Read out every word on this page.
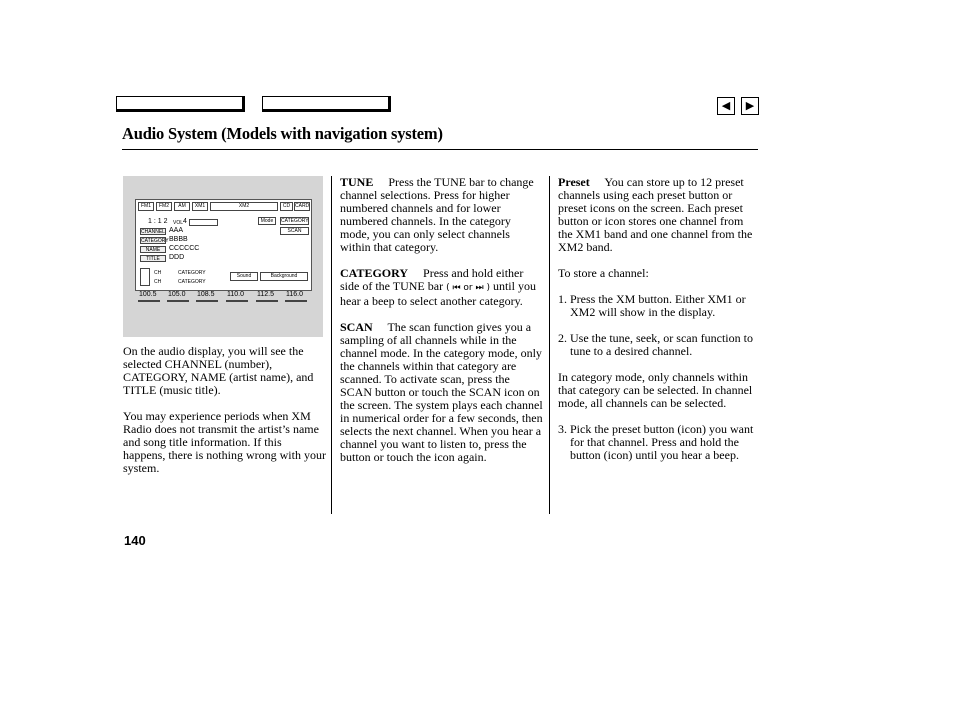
◀	▶
Audio System (Models with navigation system)
FM1	FM2	AM	XM1	XM2	CD CARD
1 : 1 2 VOL 4	Mode	CATEGORY
SCAN
CHANNEL AAA
CATEGORY BBBB
NAME	CCCCCC
TITLE	DDD
CH	CATEGORY
CH	CATEGORY
Sound	Background
100.5 105.0 108.5 110.0 112.5 116.0

On the audio display, you will see the selected CHANNEL (number), CATEGORY, NAME (artist name), and TITLE (music title).

You may experience periods when XM Radio does not transmit the artist’s name and song title information. If this happens, there is nothing wrong with your system.

TUNE Press the TUNE bar to change channel selections. Press for higher numbered channels and for lower numbered channels. In the category mode, you can only select channels within that category.

CATEGORY Press and hold either side of the TUNE bar ( ⏮ or ⏭ ) until you hear a beep to select another category.

SCAN The scan function gives you a sampling of all channels while in the channel mode. In the category mode, only the channels within that category are scanned. To activate scan, press the SCAN button or touch the SCAN icon on the screen. The system plays each channel in numerical order for a few seconds, then selects the next channel. When you hear a channel you want to listen to, press the button or touch the icon again.

Preset You can store up to 12 preset channels using each preset button or preset icons on the screen. Each preset button or icon stores one channel from the XM1 band and one channel from the XM2 band.

To store a channel:

1. Press the XM button. Either XM1 or XM2 will show in the display.

2. Use the tune, seek, or scan function to tune to a desired channel.

In category mode, only channels within that category can be selected. In channel mode, all channels can be selected.

3. Pick the preset button (icon) you want for that channel. Press and hold the button (icon) until you hear a beep.

140
